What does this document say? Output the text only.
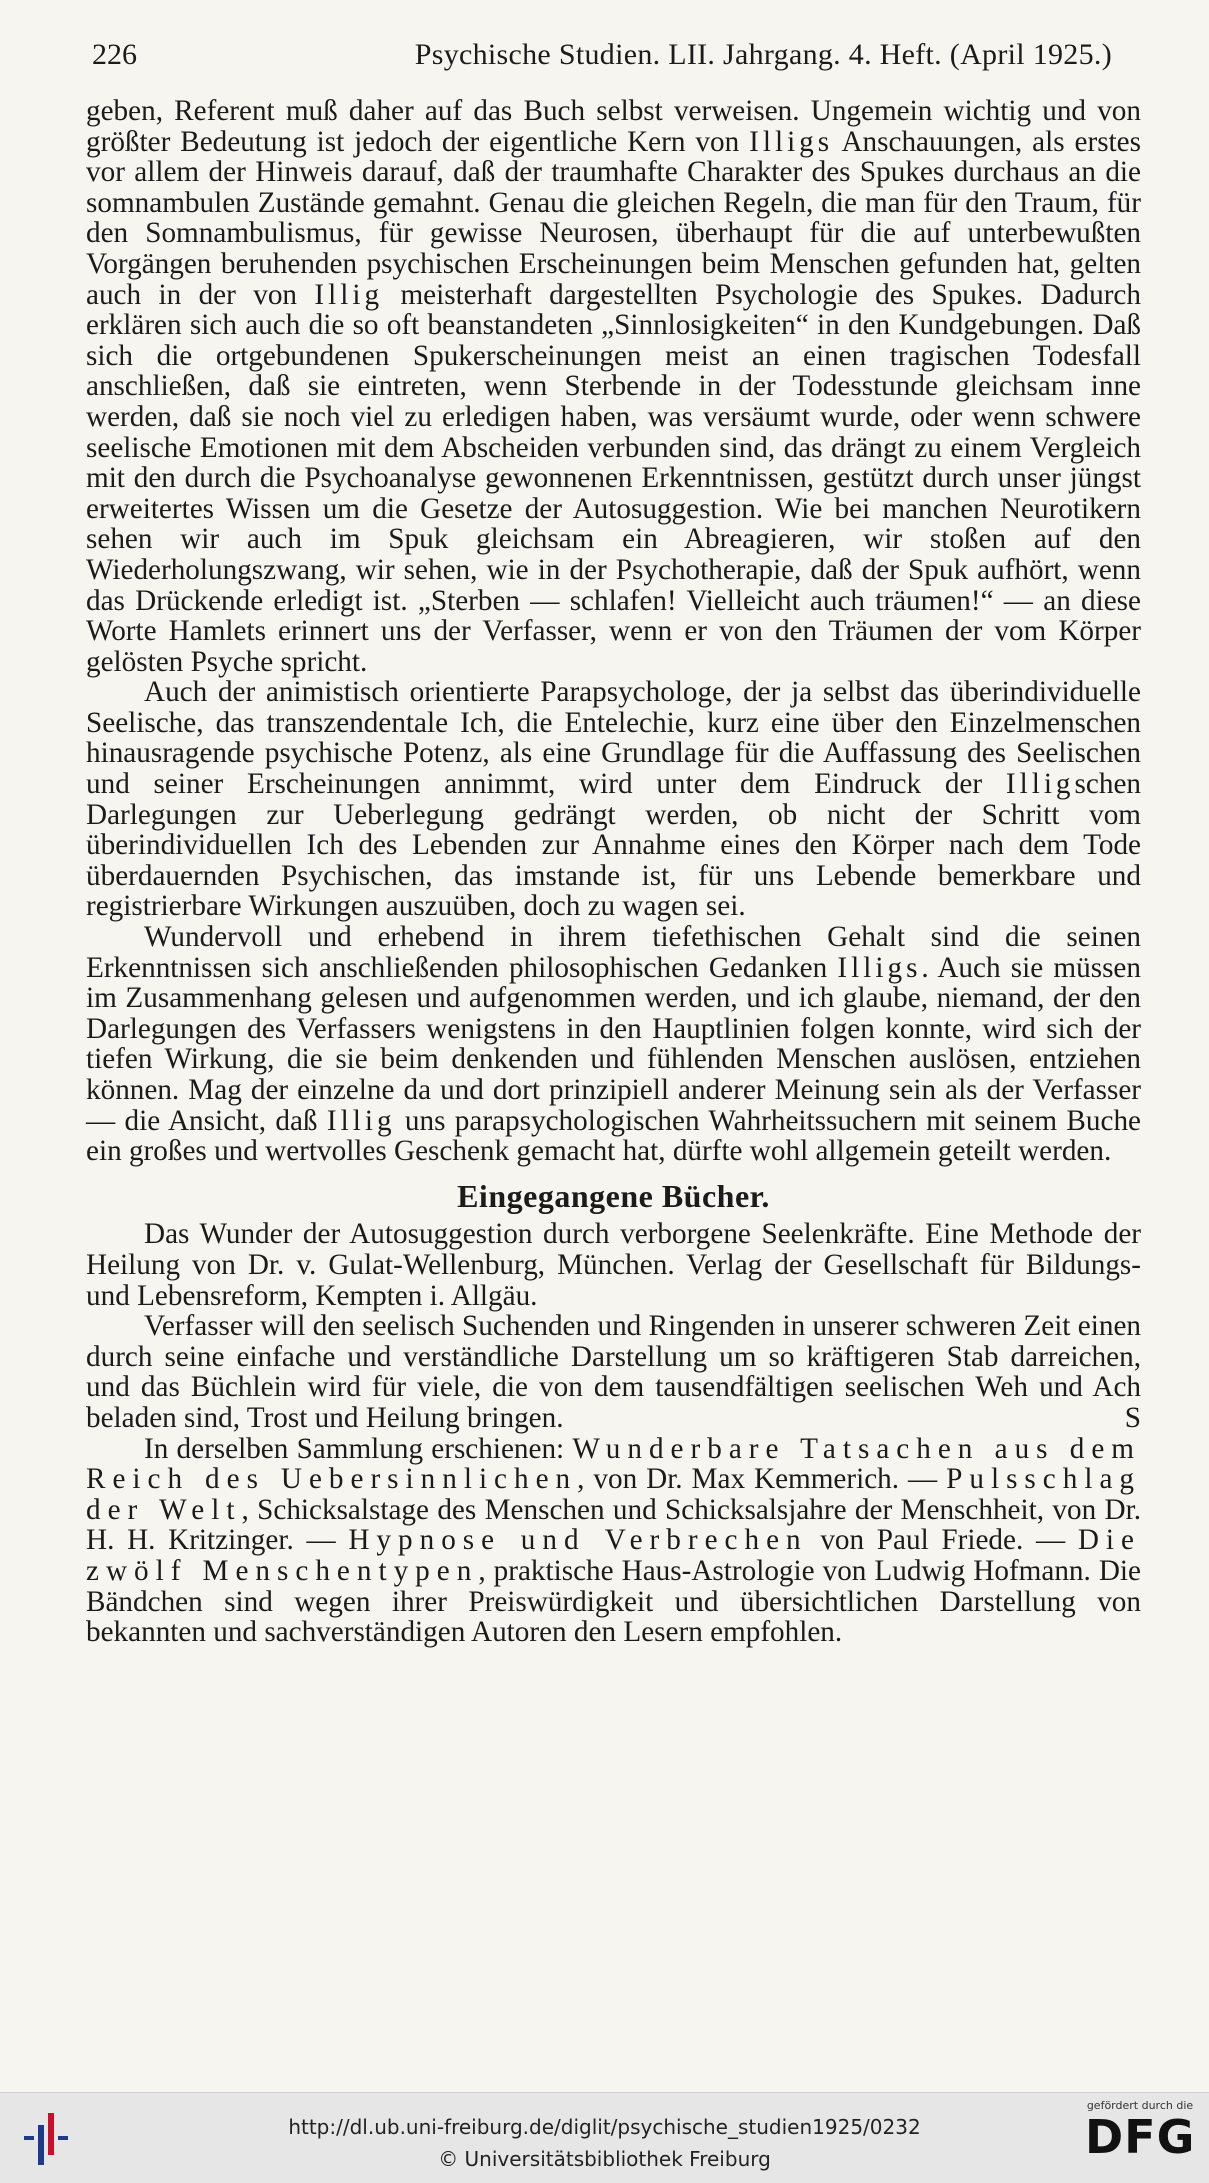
226	Psychische Studien. LII. Jahrgang. 4. Heft. (April 1925.)

geben, Referent muß daher auf das Buch selbst verweisen. Ungemein wichtig und von größter Bedeutung ist jedoch der eigentliche Kern von Illigs Anschauungen, als erstes vor allem der Hinweis darauf, daß der traumhafte Charakter des Spukes durchaus an die somnambulen Zustände gemahnt. Genau die gleichen Regeln, die man für den Traum, für den Somnambulismus, für gewisse Neurosen, überhaupt für die auf unterbewußten Vorgängen beruhenden psychischen Erscheinungen beim Menschen gefunden hat, gelten auch in der von Illig meisterhaft dargestellten Psychologie des Spukes. Dadurch erklären sich auch die so oft beanstandeten „Sinnlosigkeiten“ in den Kundgebungen. Daß sich die ortgebundenen Spukerscheinungen meist an einen tragischen Todesfall anschließen, daß sie eintreten, wenn Sterbende in der Todesstunde gleichsam inne werden, daß sie noch viel zu erledigen haben, was versäumt wurde, oder wenn schwere seelische Emotionen mit dem Abscheiden verbunden sind, das drängt zu einem Vergleich mit den durch die Psychoanalyse gewonnenen Erkenntnissen, gestützt durch unser jüngst erweitertes Wissen um die Gesetze der Autosuggestion. Wie bei manchen Neurotikern sehen wir auch im Spuk gleichsam ein Abreagieren, wir stoßen auf den Wiederholungszwang, wir sehen, wie in der Psychotherapie, daß der Spuk aufhört, wenn das Drückende erledigt ist. „Sterben — schlafen! Vielleicht auch träumen!“ — an diese Worte Hamlets erinnert uns der Verfasser, wenn er von den Träumen der vom Körper gelösten Psyche spricht.

Auch der animistisch orientierte Parapsychologe, der ja selbst das überindividuelle Seelische, das transzendentale Ich, die Entelechie, kurz eine über den Einzelmenschen hinausragende psychische Potenz, als eine Grundlage für die Auffassung des Seelischen und seiner Erscheinungen annimmt, wird unter dem Eindruck der Illigschen Darlegungen zur Ueberlegung gedrängt werden, ob nicht der Schritt vom überindividuellen Ich des Lebenden zur Annahme eines den Körper nach dem Tode überdauernden Psychischen, das imstande ist, für uns Lebende bemerkbare und registrierbare Wirkungen auszuüben, doch zu wagen sei.

Wundervoll und erhebend in ihrem tiefethischen Gehalt sind die seinen Erkenntnissen sich anschließenden philosophischen Gedanken Illigs. Auch sie müssen im Zusammenhang gelesen und aufgenommen werden, und ich glaube, niemand, der den Darlegungen des Verfassers wenigstens in den Hauptlinien folgen konnte, wird sich der tiefen Wirkung, die sie beim denkenden und fühlenden Menschen auslösen, entziehen können. Mag der einzelne da und dort prinzipiell anderer Meinung sein als der Verfasser — die Ansicht, daß Illig uns parapsychologischen Wahrheitssuchern mit seinem Buche ein großes und wertvolles Geschenk gemacht hat, dürfte wohl allgemein geteilt werden.

Eingegangene Bücher.

Das Wunder der Autosuggestion durch verborgene Seelenkräfte. Eine Methode der Heilung von Dr. v. Gulat-Wellenburg, München. Verlag der Gesellschaft für Bildungs- und Lebensreform, Kempten i. Allgäu.

Verfasser will den seelisch Suchenden und Ringenden in unserer schweren Zeit einen durch seine einfache und verständliche Darstellung um so kräftigeren Stab darreichen, und das Büchlein wird für viele, die von dem tausendfältigen seelischen Weh und Ach beladen sind, Trost und Heilung bringen.	S

In derselben Sammlung erschienen: Wunderbare Tatsachen aus dem Reich des Uebersinnlichen, von Dr. Max Kemmerich. — Pulsschlag der Welt, Schicksalstage des Menschen und Schicksalsjahre der Menschheit, von Dr. H. H. Kritzinger. — Hypnose und Verbrechen von Paul Friede. — Die zwölf Menschentypen, praktische Haus-Astrologie von Ludwig Hofmann. Die Bändchen sind wegen ihrer Preiswürdigkeit und übersichtlichen Darstellung von bekannten und sachverständigen Autoren den Lesern empfohlen.

http://dl.ub.uni-freiburg.de/diglit/psychische_studien1925/0232
© Universitätsbibliothek Freiburg
gefördert durch die
DFG
